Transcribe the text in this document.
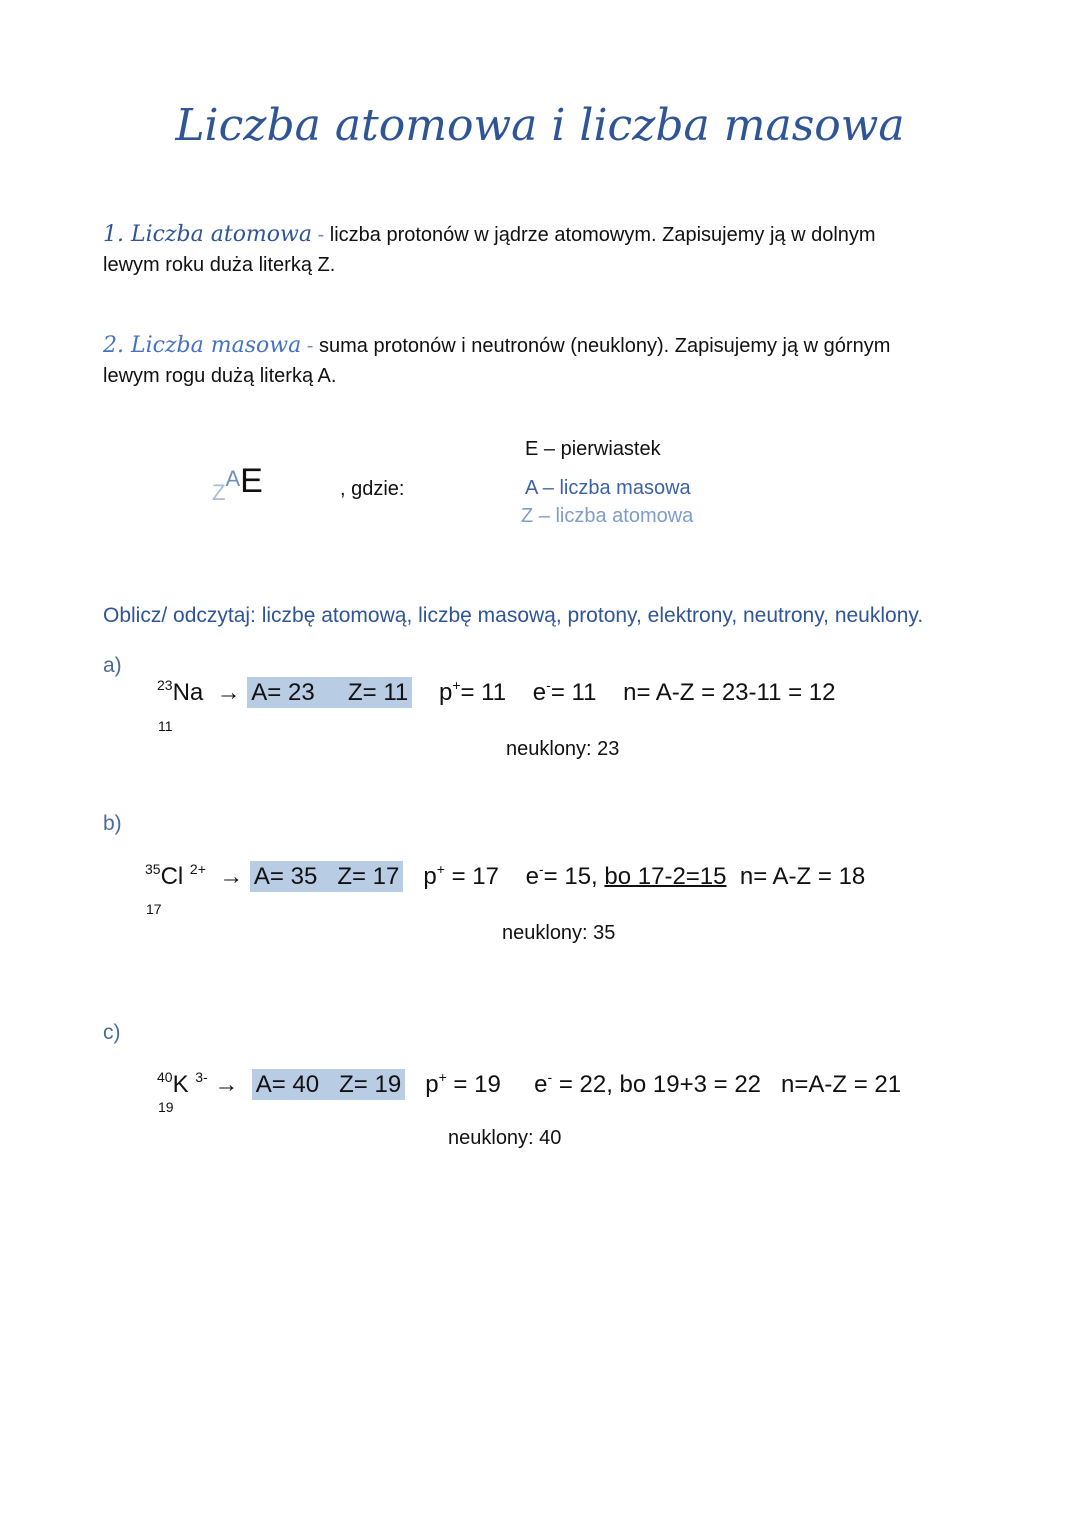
Liczba atomowa i liczba masowa
1. Liczba atomowa - liczba protonów w jądrze atomowym. Zapisujemy ją w dolnym
lewym roku duża literką Z.
2. Liczba masowa - suma protonów i neutronów (neuklony). Zapisujemy ją w górnym
lewym rogu dużą literką A.
ZAE	, gdzie:
E – pierwiastek
A – liczba masowa
Z – liczba atomowa
Oblicz/ odczytaj: liczbę atomową, liczbę masową, protony, elektrony, neutrony, neuklony.
a)
$^{23}$Na → A= 23 Z= 11 p+= 11 e-= 11 n= A-Z = 23-11 = 12
11
neuklony: 23
b)
$^{35}$Cl $^{2+}$ → A= 35 Z= 17 p+ = 17 e-= 15, bo 17-2=15 n= A-Z = 18
17
neuklony: 35
c)
$^{40}$K $^{3-}$ → A= 40 Z= 19 p+ = 19 e- = 22, bo 19+3 = 22 n=A-Z = 21
19
neuklony: 40
